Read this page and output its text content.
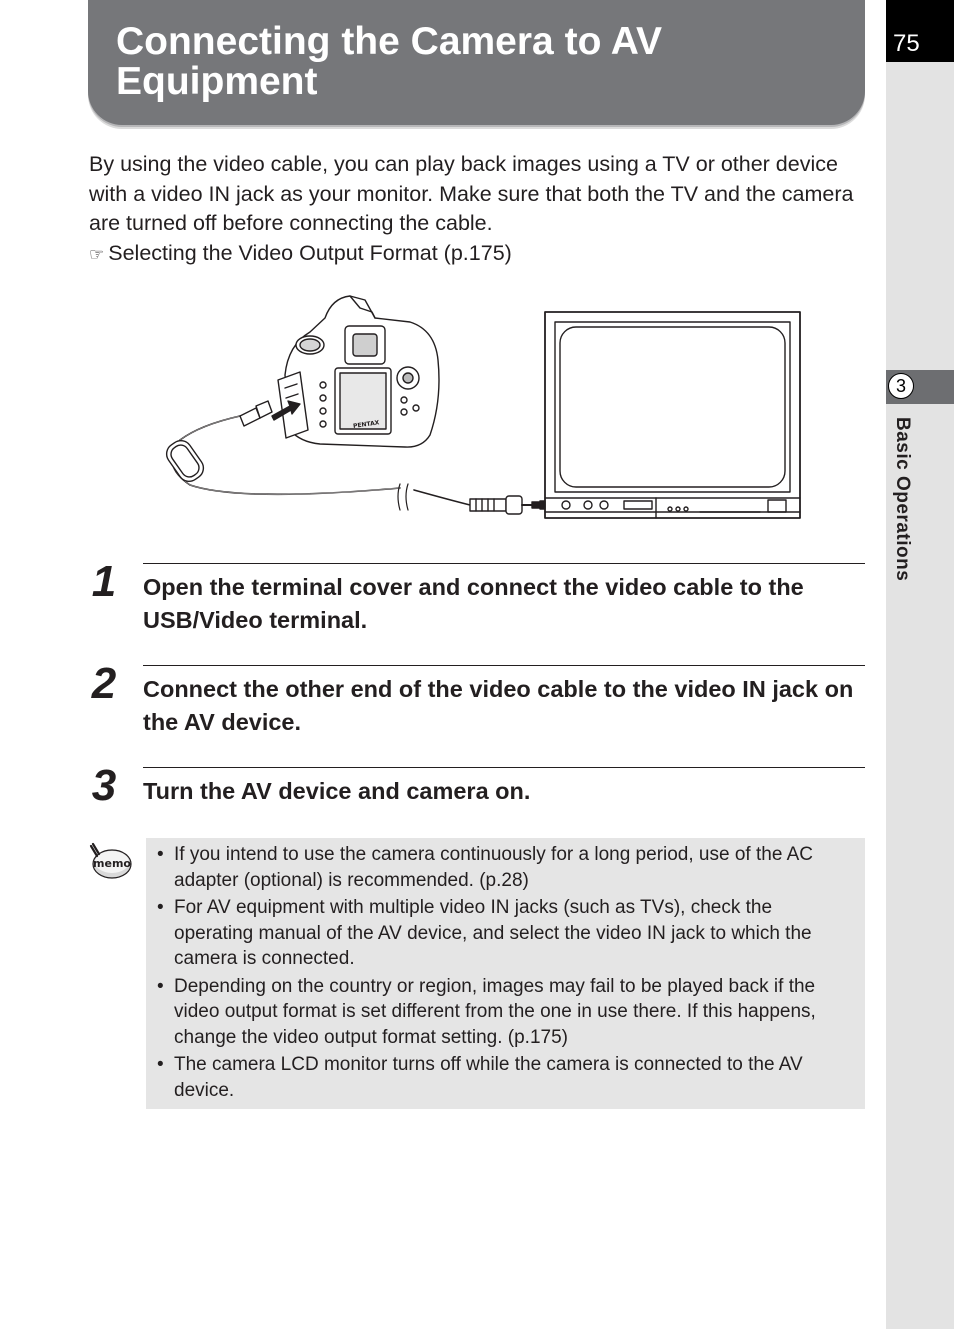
75
3
Basic Operations
Connecting the Camera to AV Equipment

By using the video cable, you can play back images using a TV or other device with a video IN jack as your monitor. Make sure that both the TV and the camera are turned off before connecting the cable.

☞ Selecting the Video Output Format (p.175)

PENTAX
1 Open the terminal cover and connect the video cable to the USB/Video terminal.

2 Connect the other end of the video cable to the video IN jack on the AV device.

3 Turn the AV device and camera on.

memo
•	If you intend to use the camera continuously for a long period, use of the AC adapter (optional) is recommended. (p.28)
• For AV equipment with multiple video IN jacks (such as TVs), check the operating manual of the AV device, and select the video IN jack to which the camera is connected.
• Depending on the country or region, images may fail to be played back if the video output format is set different from the one in use there. If this happens, change the video output format setting. (p.175)
• The camera LCD monitor turns off while the camera is connected to the AV device.
